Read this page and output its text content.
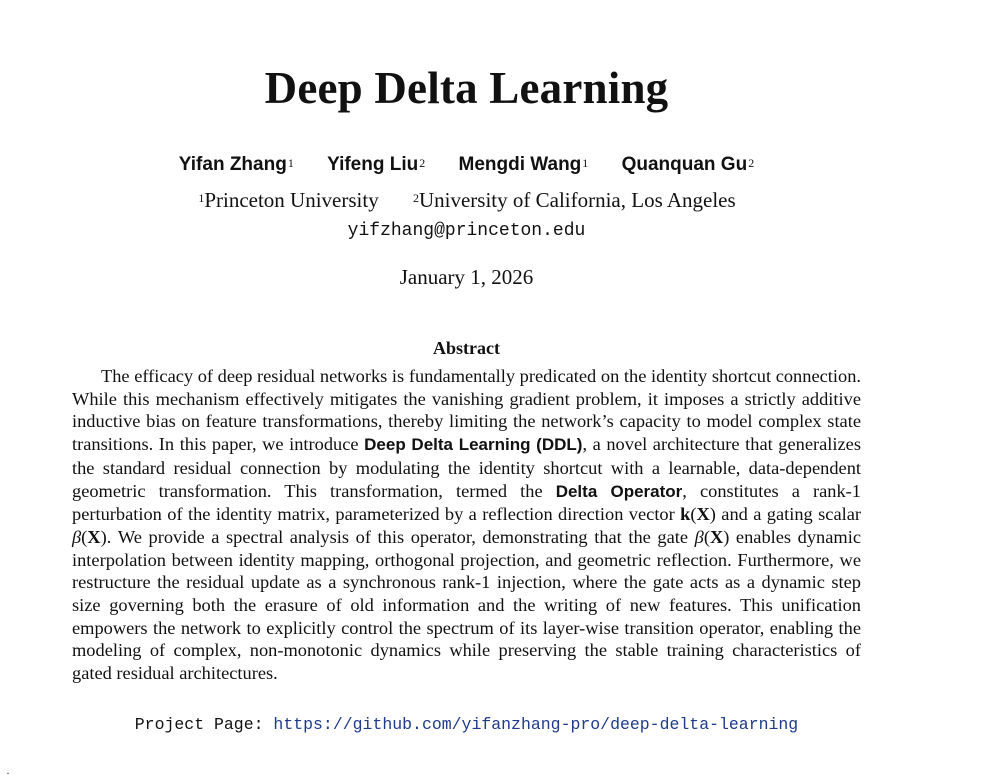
Deep Delta Learning
Yifan Zhang$^1$ Yifeng Liu$^2$ Mengdi Wang$^1$ Quanquan Gu$^2$
$^1$Princeton University	$^2$University of California, Los Angeles
yifzhang@princeton.edu
January 1, 2026
Abstract

The efficacy of deep residual networks is fundamentally predicated on the identity shortcut connection. While this mechanism effectively mitigates the vanishing gradient problem, it imposes a strictly additive inductive bias on feature transformations, thereby limiting the network’s capacity to model complex state transitions. In this paper, we introduce Deep Delta Learning (DDL), a novel architecture that generalizes the standard residual connection by modulating the identity shortcut with a learnable, data-dependent geometric transformation. This transformation, termed the Delta Operator, constitutes a rank-1 perturbation of the identity matrix, parameterized by a reflection direction vector k(X) and a gating scalar β(X). We provide a spectral analysis of this operator, demonstrating that the gate β(X) enables dynamic interpolation between identity mapping, orthogonal projection, and geometric reflection. Furthermore, we restructure the residual update as a synchronous rank-1 injection, where the gate acts as a dynamic step size governing both the erasure of old information and the writing of new features. This unification empowers the network to explicitly control the spectrum of its layer-wise transition operator, enabling the modeling of complex, non-monotonic dynamics while preserving the stable training characteristics of gated residual architectures.

Project Page: https://github.com/yifanzhang-pro/deep-delta-learning
·
